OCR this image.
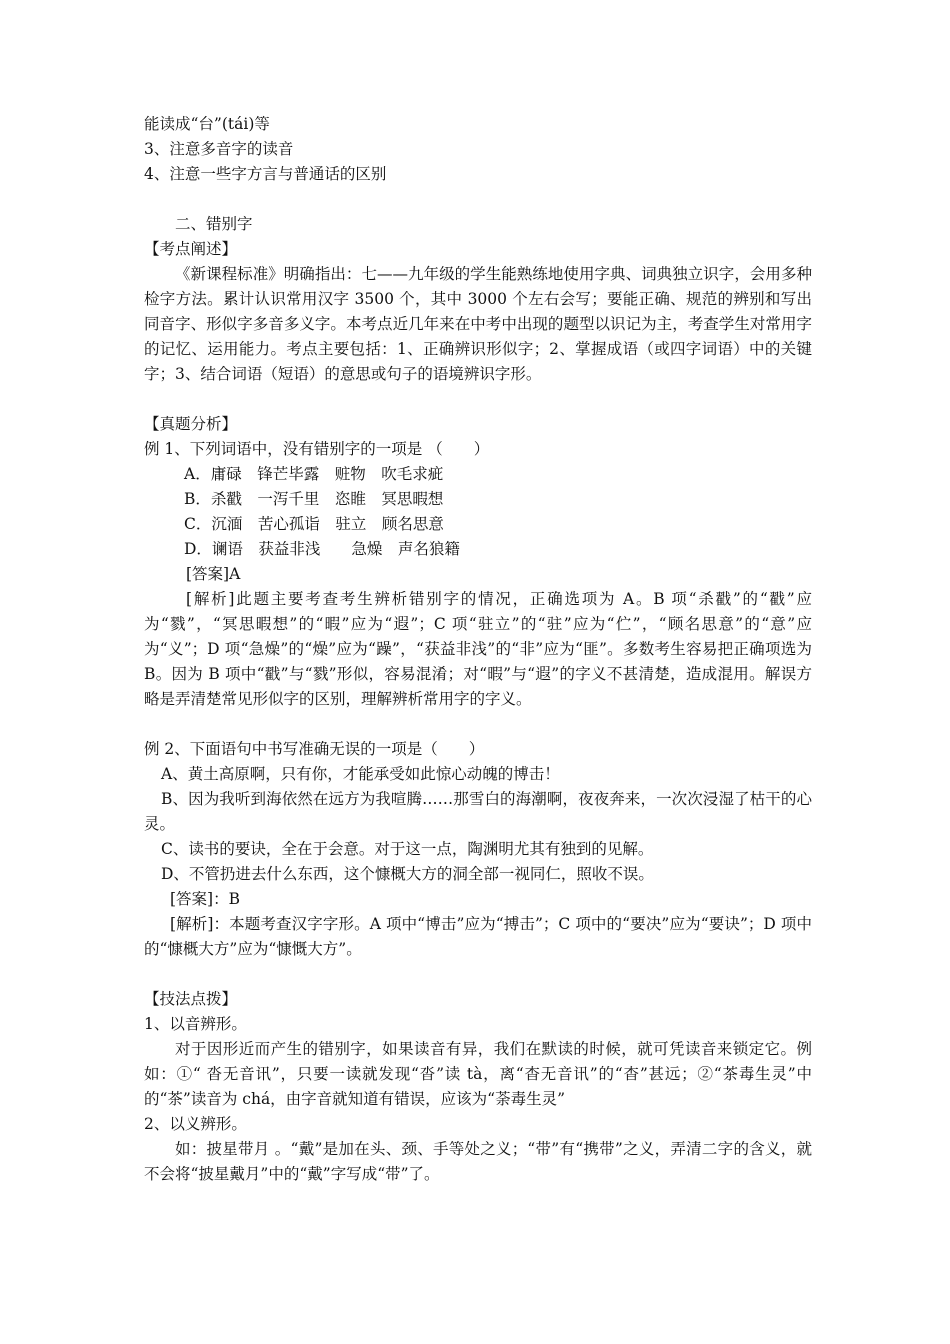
能读成“台”(tái)等
3、注意多音字的读音
4、注意一些字方言与普通话的区别
二、错别字
【考点阐述】
《新课程标准》明确指出：七——九年级的学生能熟练地使用字典、词典独立识字，会用多种检字方法。累计认识常用汉字 3500 个，其中 3000 个左右会写；要能正确、规范的辨别和写出同音字、形似字多音多义字。本考点近几年来在中考中出现的题型以识记为主，考查学生对常用字的记忆、运用能力。考点主要包括：1、正确辨识形似字；2、掌握成语（或四字词语）中的关键字；3、结合词语（短语）的意思或句子的语境辨识字形。
【真题分析】
例 1、下列词语中，没有错别字的一项是 （　　）
A．庸碌　锋芒毕露　赃物　吹毛求疵
B．杀戳　一泻千里　恣睢　冥思暇想
C．沉湎　苦心孤诣　驻立　顾名思意
D．谰语　获益非浅　　急燥　声名狼籍
[答案]A
[解析]此题主要考查考生辨析错别字的情况，正确选项为 A。B 项“杀戳”的“戳”应为“戮”，“冥思暇想”的“暇”应为“遐”；C 项“驻立”的“驻”应为“伫”，“顾名思意”的“意”应为“义”；D 项“急燥”的“燥”应为“躁”，“获益非浅”的“非”应为“匪”。多数考生容易把正确项选为 B。因为 B 项中“戳”与“戮”形似，容易混淆；对“暇”与“遐”的字义不甚清楚，造成混用。解误方略是弄清楚常见形似字的区别，理解辨析常用字的字义。
例 2、下面语句中书写准确无误的一项是（　　）
A、黄土高原啊，只有你，才能承受如此惊心动魄的博击！
B、因为我听到海依然在远方为我喧腾……那雪白的海潮啊，夜夜奔来，一次次浸湿了枯干的心灵。
C、读书的要诀，全在于会意。对于这一点，陶渊明尤其有独到的见解。
D、不管扔进去什么东西，这个慷概大方的洞全部一视同仁，照收不误。
[答案]：B
[解析]：本题考查汉字字形。A 项中“博击”应为“搏击”；C 项中的“要决”应为“要诀”；D 项中的“慷概大方”应为“慷慨大方”。
【技法点拨】
1、以音辨形。
对于因形近而产生的错别字，如果读音有异，我们在默读的时候，就可凭读音来锁定它。例如：①“ 沓无音讯”，只要一读就发现“沓”读 tà，离“杳无音讯”的“杳”甚远；②“茶毒生灵”中的“茶”读音为 chá，由字音就知道有错误，应该为“荼毒生灵”
2、以义辨形。
如：披星带月 。“戴”是加在头、颈、手等处之义；“带”有“携带”之义，弄清二字的含义，就不会将“披星戴月”中的“戴”字写成“带”了。
